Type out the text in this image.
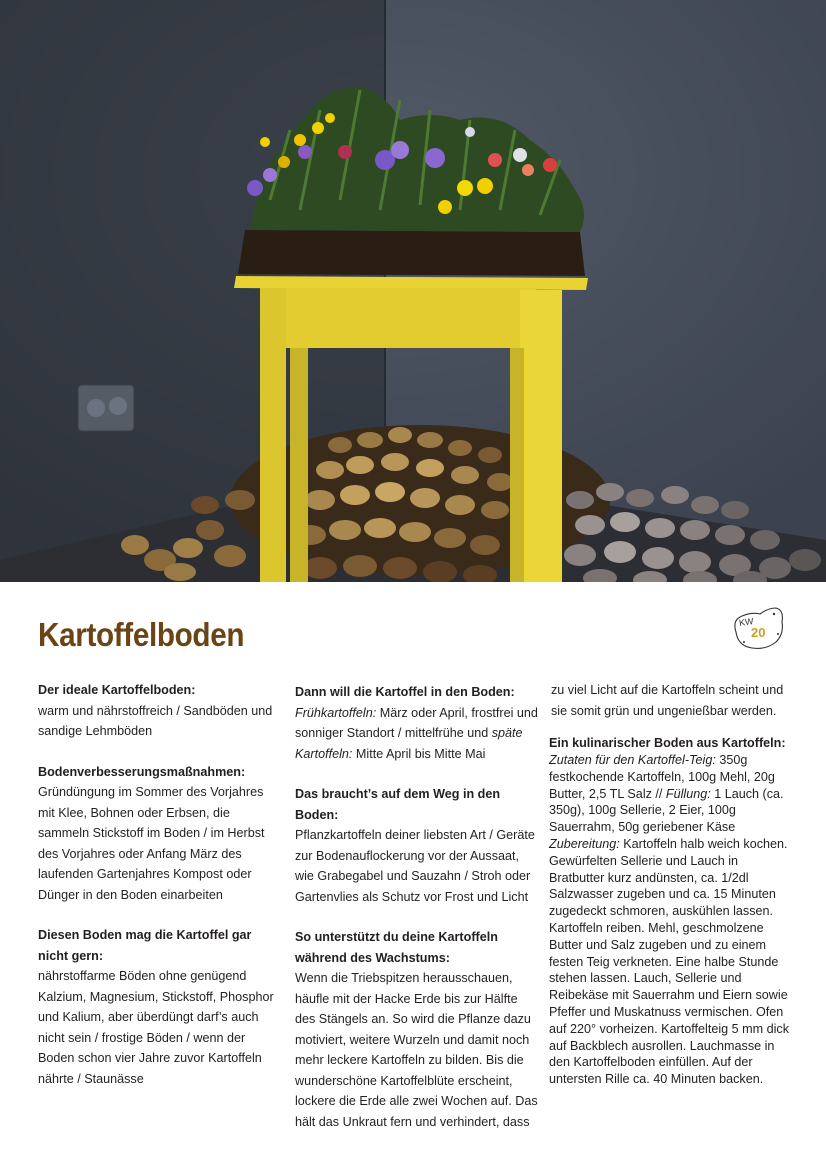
Kartoffelboden	KW
20
Der ideale Kartoffelboden:
warm und nährstoffreich / Sandböden und sandige Lehmböden
Bodenverbesserungsmaßnahmen:
Gründüngung im Sommer des Vorjahres mit Klee, Bohnen oder Erbsen, die sammeln Stickstoff im Boden / im Herbst des Vorjahres oder Anfang März des laufenden Gartenjahres Kompost oder Dünger in den Boden einarbeiten
Diesen Boden mag die Kartoffel gar nicht gern:
nährstoffarme Böden ohne genügend Kalzium, Magnesium, Stickstoff, Phosphor und Kalium, aber überdüngt darf’s auch nicht sein / frostige Böden / wenn der Boden schon vier Jahre zuvor Kartoffeln nährte / Staunässe
Dann will die Kartoffel in den Boden:
Frühkartoffeln: März oder April, frostfrei und sonniger Standort / mittelfrühe und späte Kartoffeln: Mitte April bis Mitte Mai
Das braucht’s auf dem Weg in den Boden:
Pflanzkartoffeln deiner liebsten Art / Geräte zur Bodenauflockerung vor der Aussaat, wie Grabegabel und Sauzahn / Stroh oder Gartenvlies als Schutz vor Frost und Licht
So unterstützt du deine Kartoffeln während des Wachstums:
Wenn die Triebspitzen herausschauen, häufle mit der Hacke Erde bis zur Hälfte des Stängels an. So wird die Pflanze dazu motiviert, weitere Wurzeln und damit noch mehr leckere Kartoffeln zu bilden. Bis die wunderschöne Kartoffelblüte erscheint, lockere die Erde alle zwei Wochen auf. Das hält das Unkraut fern und verhindert, dass
zu viel Licht auf die Kartoffeln scheint und sie somit grün und ungenießbar werden.
Ein kulinarischer Boden aus Kartoffeln:
Zutaten für den Kartoffel-Teig: 350g festkochende Kartoffeln, 100g Mehl, 20g Butter, 2,5 TL Salz // Füllung: 1 Lauch (ca. 350g), 100g Sellerie, 2 Eier, 100g Sauerrahm, 50g geriebener Käse
Zubereitung: Kartoffeln halb weich kochen. Gewürfelten Sellerie und Lauch in Bratbutter kurz andünsten, ca. 1/2dl Salzwasser zugeben und ca. 15 Minuten zugedeckt schmoren, auskühlen lassen. Kartoffeln reiben. Mehl, geschmolzene Butter und Salz zugeben und zu einem festen Teig verkneten. Eine halbe Stunde stehen lassen. Lauch, Sellerie und Reibekäse mit Sauerrahm und Eiern sowie Pfeffer und Muskatnuss vermischen. Ofen auf 220° vorheizen. Kartoffelteig 5 mm dick auf Backblech ausrollen. Lauchmasse in den Kartoffelboden einfüllen. Auf der untersten Rille ca. 40 Minuten backen.
